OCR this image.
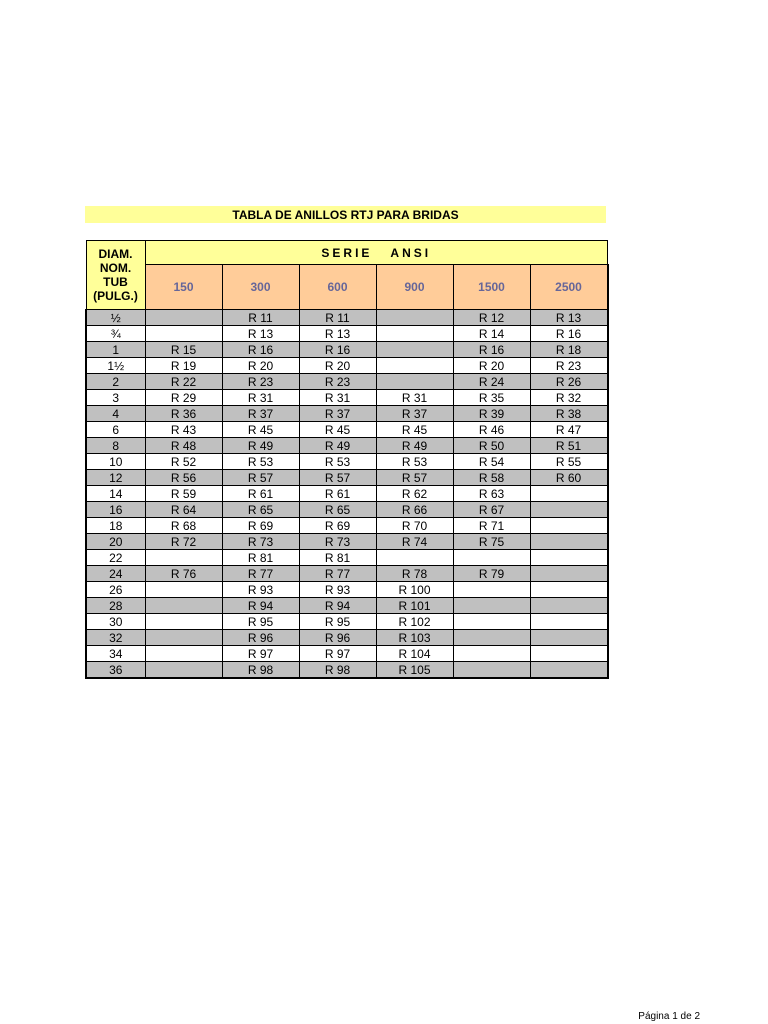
TABLA DE ANILLOS RTJ PARA BRIDAS
DIAM.
NOM.
TUB
(PULG.)	SERIE ANSI					
	150	300	600	900	1500	2500
½		R 11	R 11		R 12	R 13
¾		R 13	R 13		R 14	R 16
1	R 15	R 16	R 16		R 16	R 18
1½	R 19	R 20	R 20		R 20	R 23
2	R 22	R 23	R 23		R 24	R 26
3	R 29	R 31	R 31	R 31	R 35	R 32
4	R 36	R 37	R 37	R 37	R 39	R 38
6	R 43	R 45	R 45	R 45	R 46	R 47
8	R 48	R 49	R 49	R 49	R 50	R 51
10	R 52	R 53	R 53	R 53	R 54	R 55
12	R 56	R 57	R 57	R 57	R 58	R 60
14	R 59	R 61	R 61	R 62	R 63	
16	R 64	R 65	R 65	R 66	R 67	
18	R 68	R 69	R 69	R 70	R 71	
20	R 72	R 73	R 73	R 74	R 75	
22		R 81	R 81			
24	R 76	R 77	R 77	R 78	R 79	
26		R 93	R 93	R 100		
28		R 94	R 94	R 101		
30		R 95	R 95	R 102		
32		R 96	R 96	R 103		
34		R 97	R 97	R 104		
36		R 98	R 98	R 105		
Página 1 de 2
